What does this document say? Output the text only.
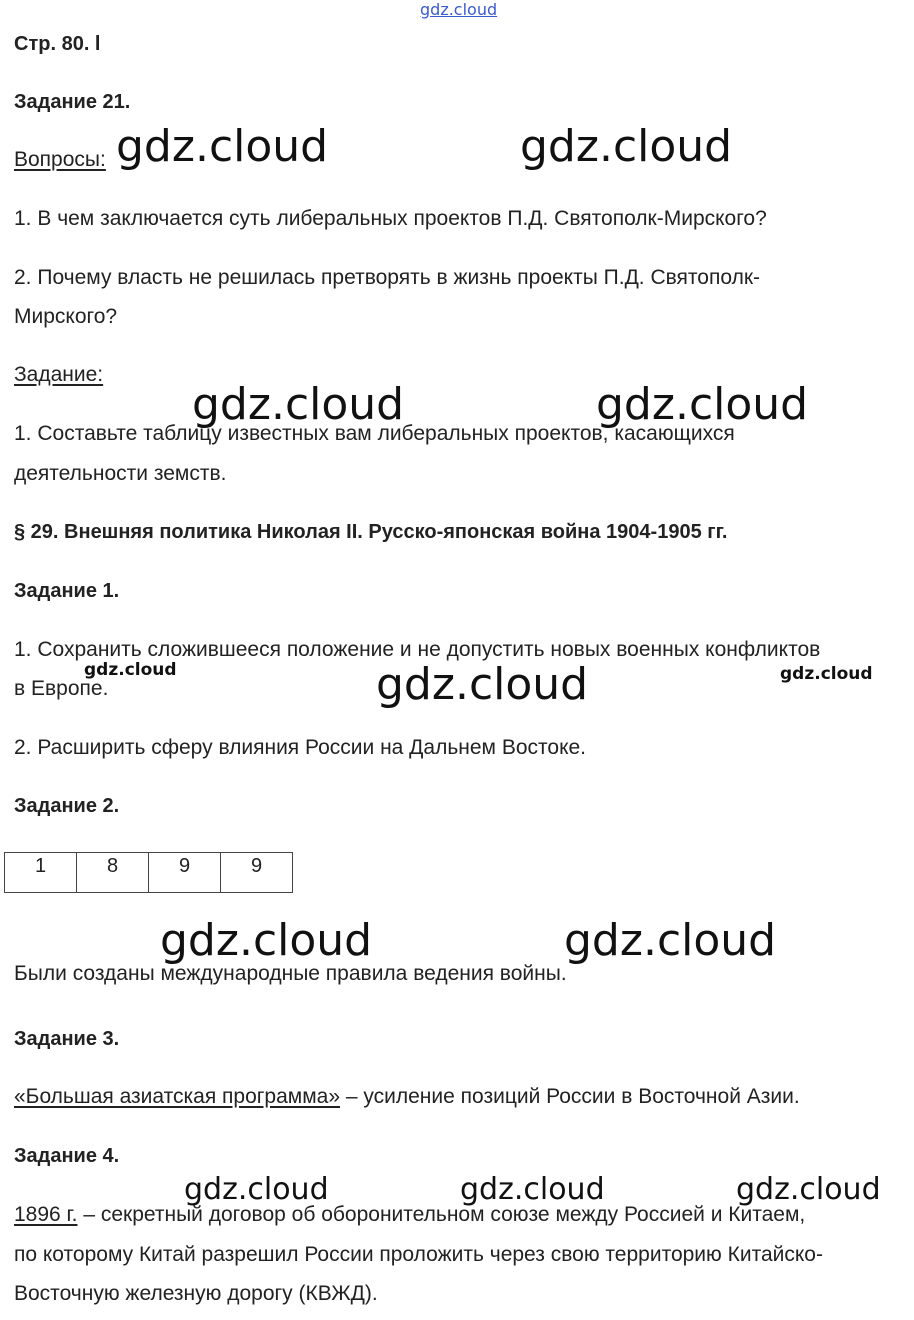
gdz.cloud
gdz.cloud	gdz.cloud
gdz.cloud	gdz.cloud
gdz.cloud	gdz.cloud	gdz.cloud
gdz.cloud	gdz.cloud
gdz.cloud	gdz.cloud	gdz.cloud
Стр. 80. l
Задание 21.
Вопросы:
1. В чем заключается суть либеральных проектов П.Д. Святополк-Мирского?
2. Почему власть не решилась претворять в жизнь проекты П.Д. Святополк-
Мирского?
Задание:
1. Составьте таблицу известных вам либеральных проектов, касающихся
деятельности земств.
§ 29. Внешняя политика Николая II. Русско-японская война 1904-1905 гг.
Задание 1.
1. Сохранить сложившееся положение и не допустить новых военных конфликтов
в Европе.
2. Расширить сферу влияния России на Дальнем Востоке.
Задание 2.
1	8	9	9
Были созданы международные правила ведения войны.
Задание 3.
«Большая азиатская программа» – усиление позиций России в Восточной Азии.
Задание 4.
1896 г. – секретный договор об оборонительном союзе между Россией и Китаем,
по которому Китай разрешил России проложить через свою территорию Китайско-
Восточную железную дорогу (КВЖД).
